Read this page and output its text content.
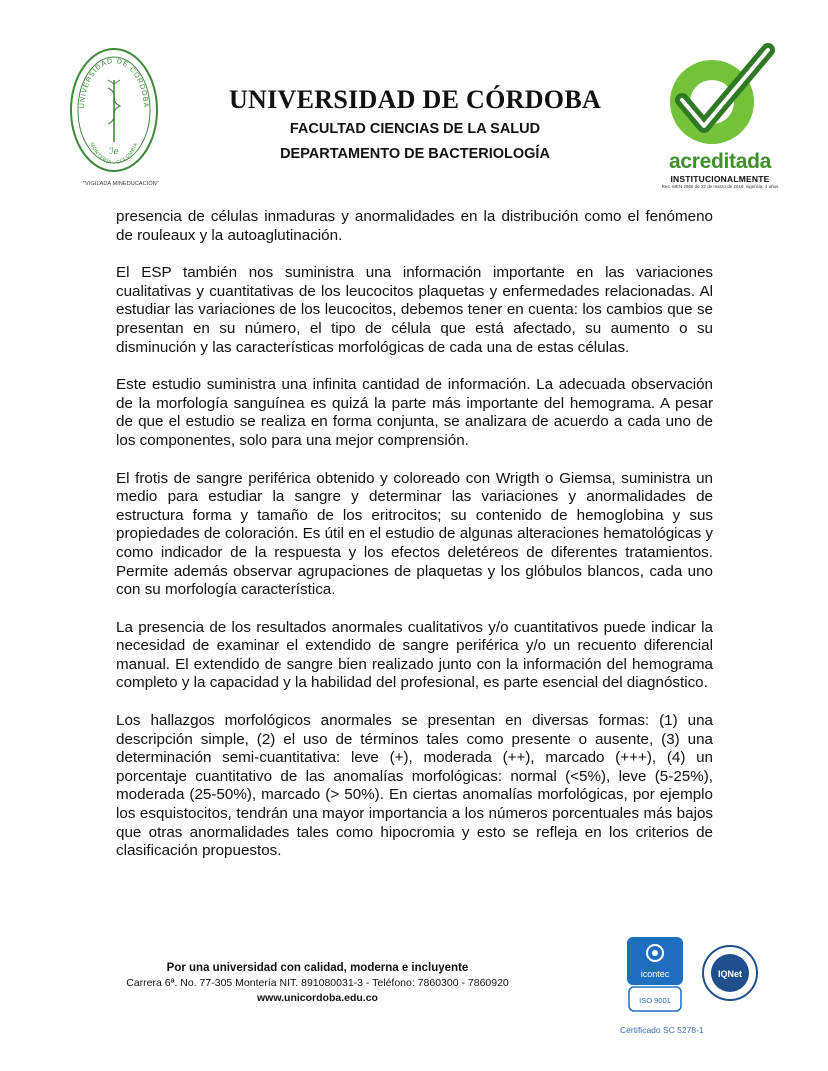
UNIVERSIDAD DE CÓRDOBA
MONTERÍA - COLOMBIA
ℐℯ
"VIGILADA MINEDUCACIÓN"
UNIVERSIDAD DE CÓRDOBA
FACULTAD CIENCIAS DE LA SALUD
DEPARTAMENTO DE BACTERIOLOGÍA	acreditada
INSTITUCIONALMENTE
Res. MEN 2966 de 22 de marzo de 2019, vigencia: 4 años

presencia de células inmaduras y anormalidades en la distribución como el fenómeno de rouleaux y la autoaglutinación.

El ESP también nos suministra una información importante en las variaciones cualitativas y cuantitativas de los leucocitos plaquetas y enfermedades relacionadas. Al estudiar las variaciones de los leucocitos, debemos tener en cuenta: los cambios que se presentan en su número, el tipo de célula que está afectado, su aumento o su disminución y las características morfológicas de cada una de estas células.

Este estudio suministra una infinita cantidad de información. La adecuada observación de la morfología sanguínea es quizá la parte más importante del hemograma. A pesar de que el estudio se realiza en forma conjunta, se analizara de acuerdo a cada uno de los componentes, solo para una mejor comprensión.

El frotis de sangre periférica obtenido y coloreado con Wrigth o Giemsa, suministra un medio para estudiar la sangre y determinar las variaciones y anormalidades de estructura forma y tamaño de los eritrocitos; su contenido de hemoglobina y sus propiedades de coloración. Es útil en el estudio de algunas alteraciones hematológicas y como indicador de la respuesta y los efectos deletéreos de diferentes tratamientos. Permite además observar agrupaciones de plaquetas y los glóbulos blancos, cada uno con su morfología característica.

La presencia de los resultados anormales cualitativos y/o cuantitativos puede indicar la necesidad de examinar el extendido de sangre periférica y/o un recuento diferencial manual. El extendido de sangre bien realizado junto con la información del hemograma completo y la capacidad y la habilidad del profesional, es parte esencial del diagnóstico.

Los hallazgos morfológicos anormales se presentan en diversas formas: (1) una descripción simple, (2) el uso de términos tales como presente o ausente, (3) una determinación semi-cuantitativa: leve (+), moderada (++), marcado (+++), (4) un porcentaje cuantitativo de las anomalías morfológicas: normal (<5%), leve (5-25%), moderada (25-50%), marcado (> 50%). En ciertas anomalías morfológicas, por ejemplo los esquistocitos, tendrán una mayor importancia a los números porcentuales más bajos que otras anormalidades tales como hipocromia y esto se refleja en los criterios de clasificación propuestos.

Por una universidad con calidad, moderna e incluyente
Carrera 6ª. No. 77-305 Montería NIT. 891080031-3 - Teléfono: 7860300 - 7860920
www.unicordoba.edu.co
icontec
ISO 9001
IQNet
Certificado SC 5278-1
